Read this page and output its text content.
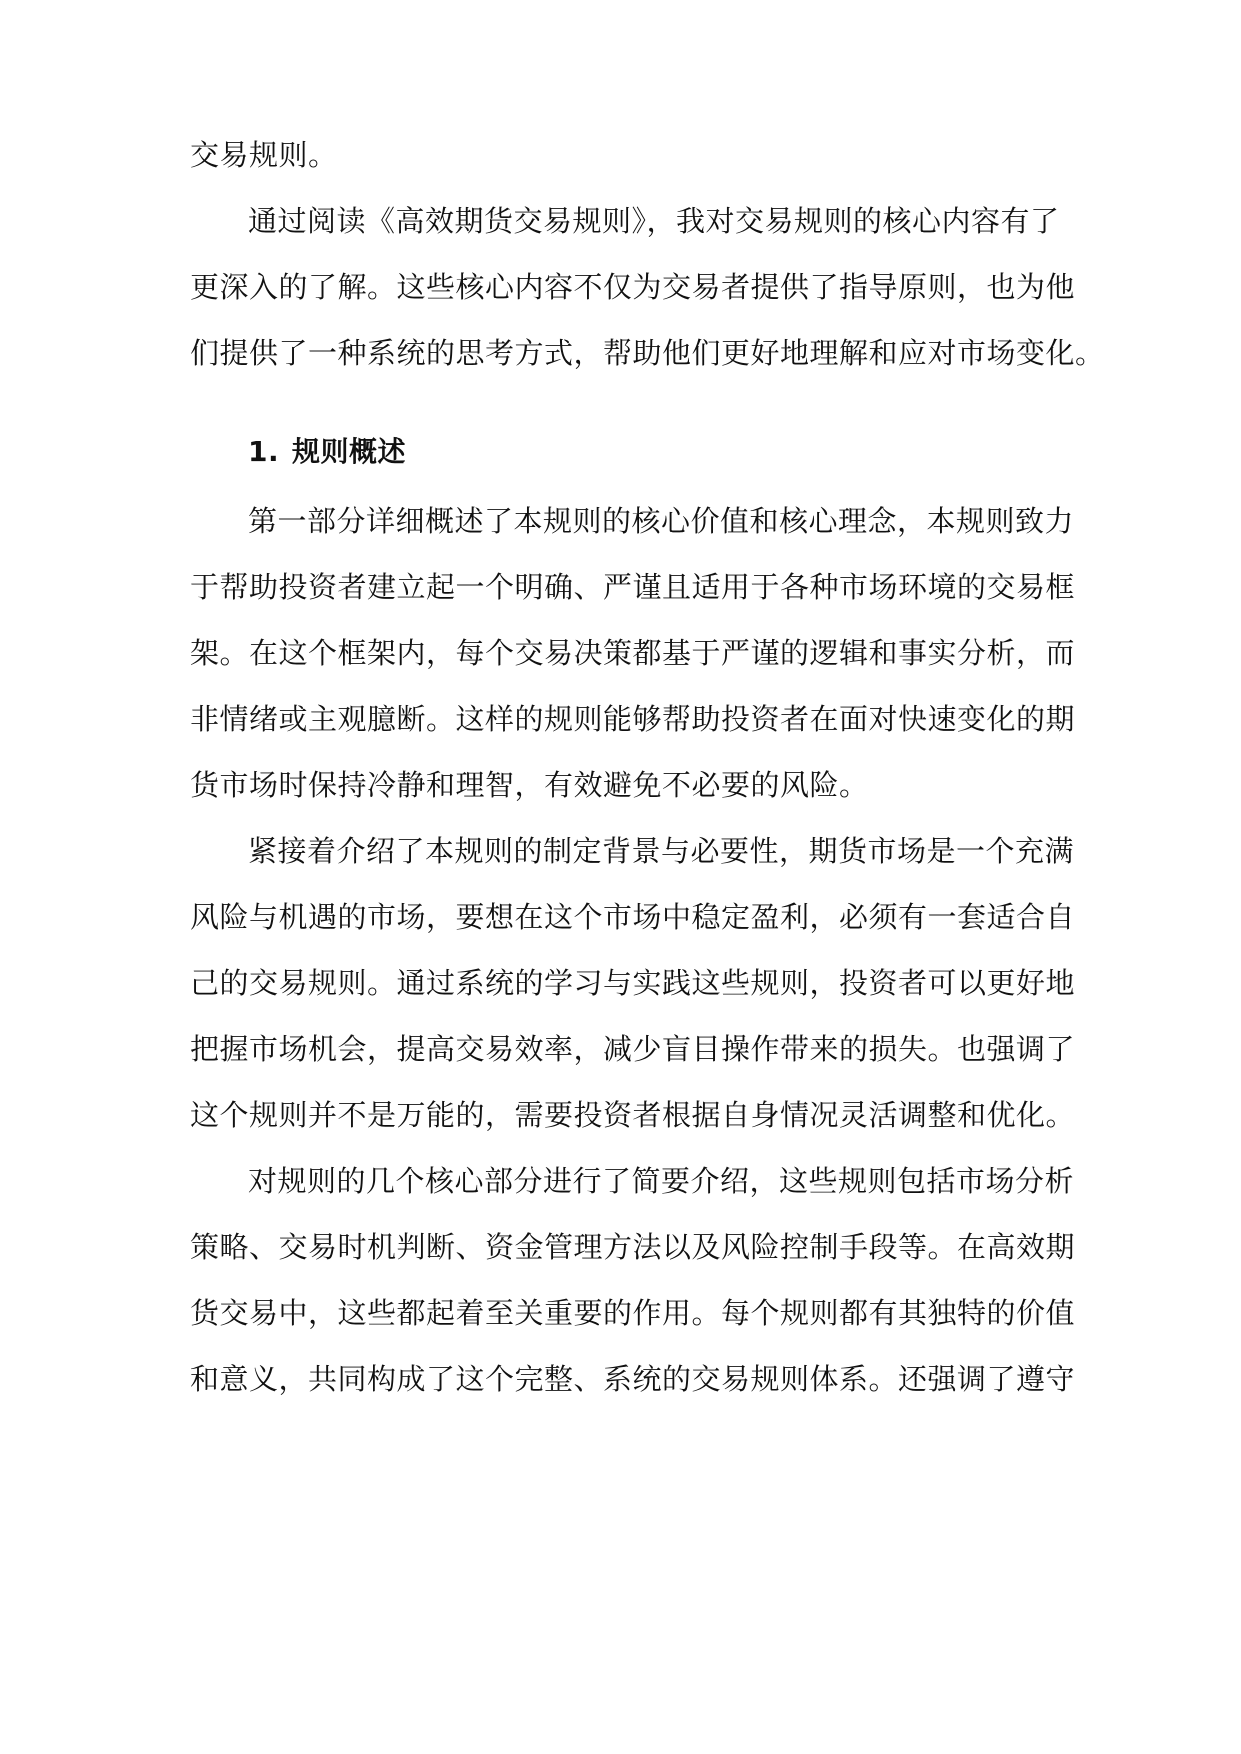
交易规则。
通过阅读《高效期货交易规则》，我对交易规则的核心内容有了
更深入的了解。这些核心内容不仅为交易者提供了指导原则，也为他
们提供了一种系统的思考方式，帮助他们更好地理解和应对市场变化。
1. 规则概述
第一部分详细概述了本规则的核心价值和核心理念，本规则致力
于帮助投资者建立起一个明确、严谨且适用于各种市场环境的交易框
架。在这个框架内，每个交易决策都基于严谨的逻辑和事实分析，而
非情绪或主观臆断。这样的规则能够帮助投资者在面对快速变化的期
货市场时保持冷静和理智，有效避免不必要的风险。
紧接着介绍了本规则的制定背景与必要性，期货市场是一个充满
风险与机遇的市场，要想在这个市场中稳定盈利，必须有一套适合自
己的交易规则。通过系统的学习与实践这些规则，投资者可以更好地
把握市场机会，提高交易效率，减少盲目操作带来的损失。也强调了
这个规则并不是万能的，需要投资者根据自身情况灵活调整和优化。
对规则的几个核心部分进行了简要介绍，这些规则包括市场分析
策略、交易时机判断、资金管理方法以及风险控制手段等。在高效期
货交易中，这些都起着至关重要的作用。每个规则都有其独特的价值
和意义，共同构成了这个完整、系统的交易规则体系。还强调了遵守
